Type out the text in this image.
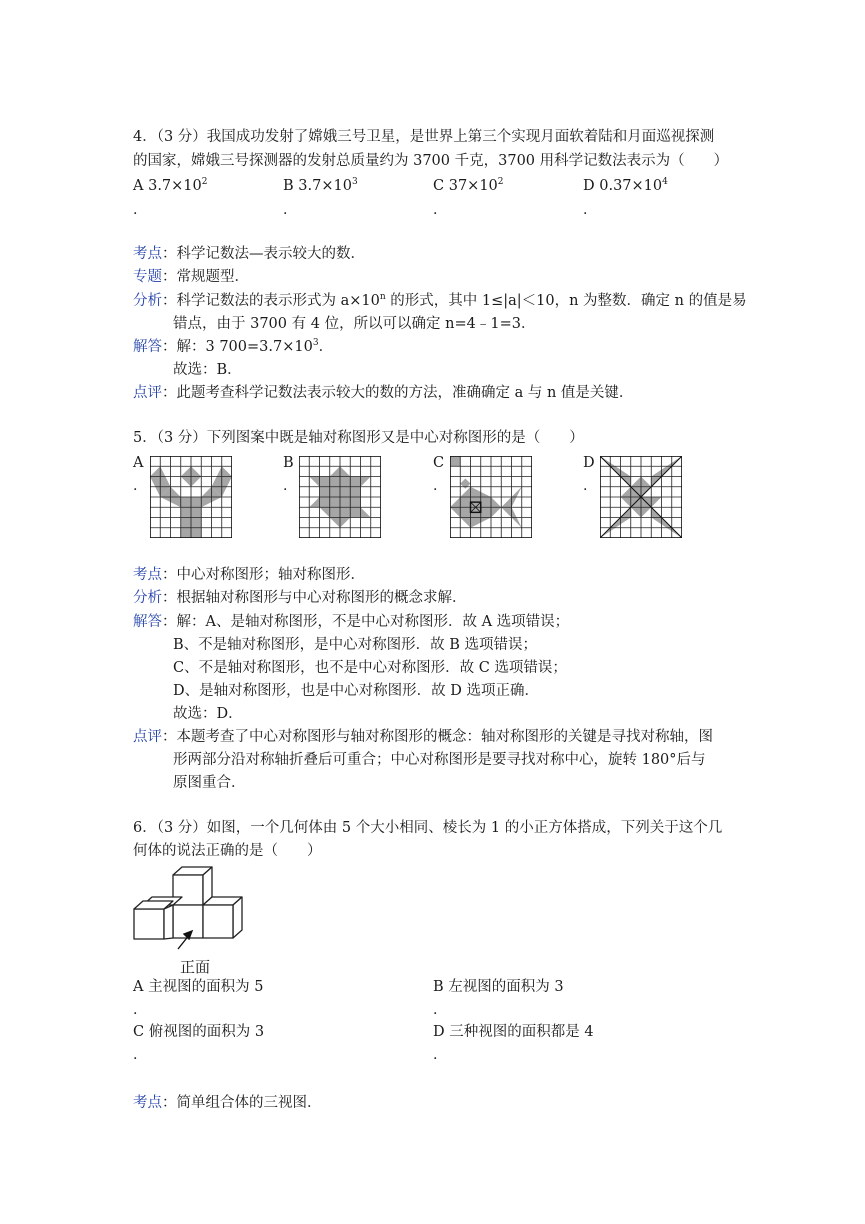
4．（3 分）我国成功发射了嫦娥三号卫星，是世界上第三个实现月面软着陆和月面巡视探测
的国家，嫦娥三号探测器的发射总质量约为 3700 千克，3700 用科学记数法表示为（　　）
A $3.7\times 10^2$	B $3.7\times 10^3$	C $37\times 10^2$	D $0.37\times 10^4$
.	.	.	.
考点：科学记数法—表示较大的数．
专题：常规题型．
分析：科学记数法的表示形式为 $a\times 10^n$ 的形式，其中 1≤|a|＜10，n 为整数．确定 n 的值是易
错点，由于 3700 有 4 位，所以可以确定 n=4﹣1=3．
解答：解：3 $700=3.7\times 10^3$．
故选：B．
点评：此题考查科学记数法表示较大的数的方法，准确确定 a 与 n 值是关键．
5．（3 分）下列图案中既是轴对称图形又是中心对称图形的是（　　）
A
.
B
.
C
.
D
.
考点：中心对称图形；轴对称图形．
分析：根据轴对称图形与中心对称图形的概念求解．
解答：解：A、是轴对称图形，不是中心对称图形．故 A 选项错误；
B、不是轴对称图形，是中心对称图形．故 B 选项错误；
C、不是轴对称图形，也不是中心对称图形．故 C 选项错误；
D、是轴对称图形，也是中心对称图形．故 D 选项正确．
故选：D．
点评：本题考查了中心对称图形与轴对称图形的概念：轴对称图形的关键是寻找对称轴，图
形两部分沿对称轴折叠后可重合；中心对称图形是要寻找对称中心，旋转 180°后与
原图重合．
6．（3 分）如图，一个几何体由 5 个大小相同、棱长为 1 的小正方体搭成，下列关于这个几
何体的说法正确的是（　　）
正面
A 主视图的面积为 5
.
B 左视图的面积为 3
.
C 俯视图的面积为 3
.
D 三种视图的面积都是 4
.
考点：简单组合体的三视图．
